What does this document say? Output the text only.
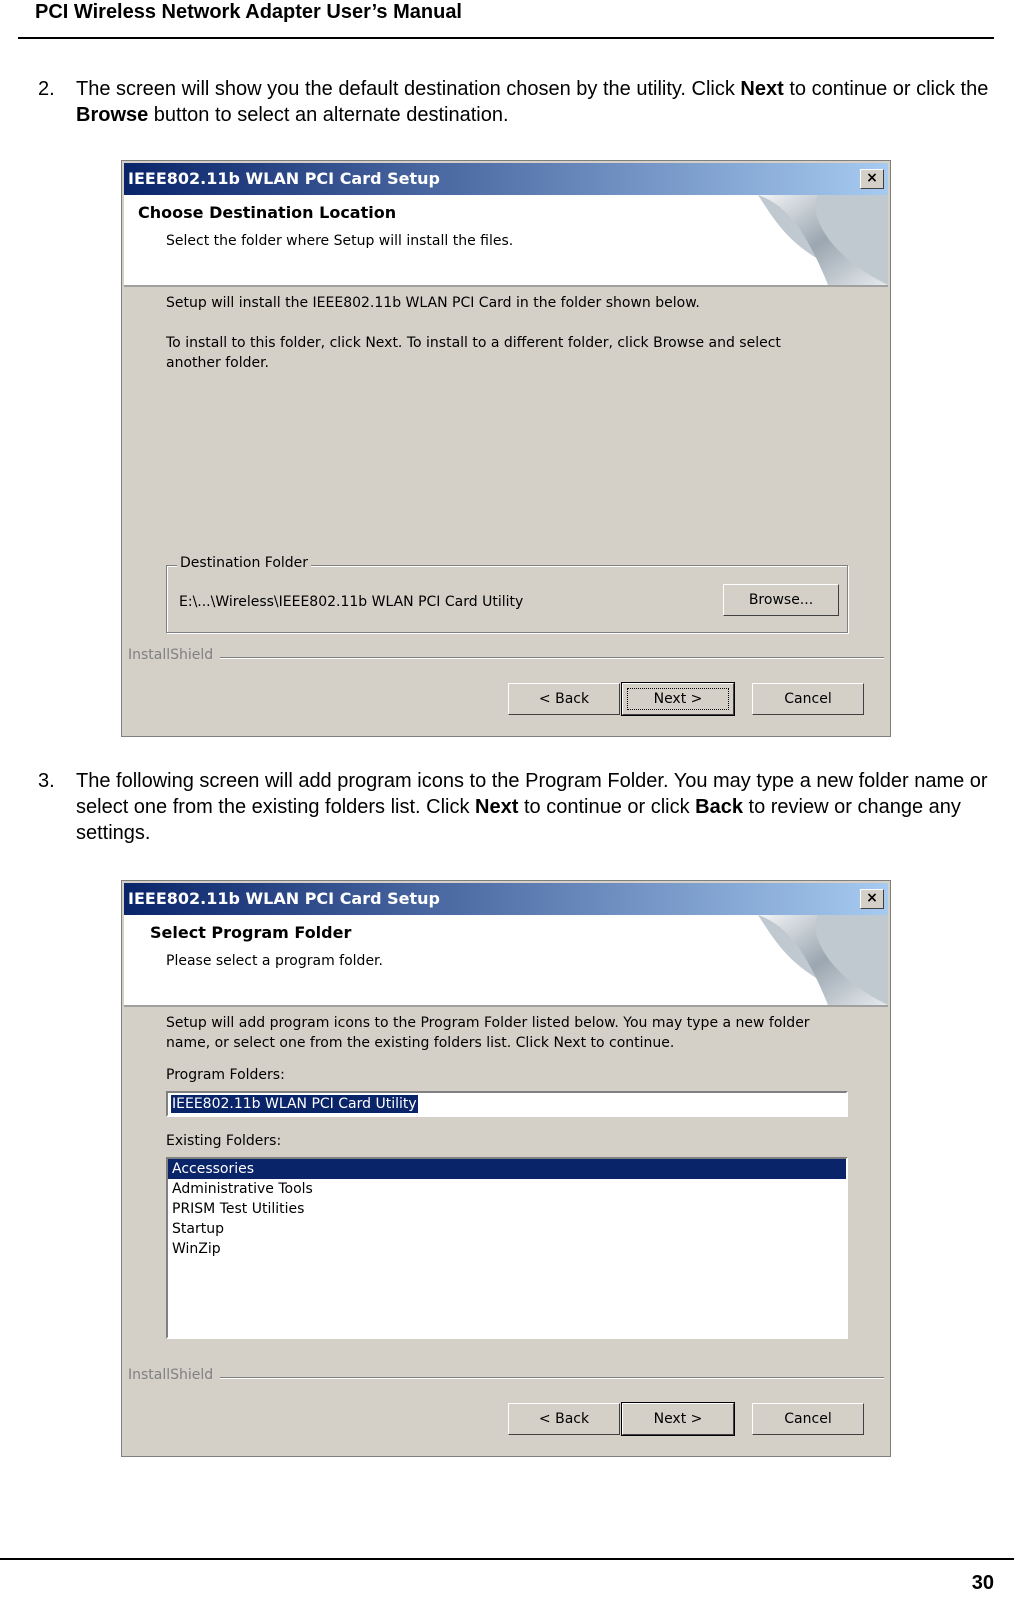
PCI Wireless Network Adapter User’s Manual
2. The screen will show you the default destination chosen by the utility. Click Next to continue or click the Browse button to select an alternate destination.
IEEE802.11b WLAN PCI Card Setup	×
Choose Destination Location
Select the folder where Setup will install the files.
Setup will install the IEEE802.11b WLAN PCI Card in the folder shown below.
To install to this folder, click Next. To install to a different folder, click Browse and select another folder.
Destination Folder
E:\...\Wireless\IEEE802.11b WLAN PCI Card Utility	Browse...
InstallShield
< Back	Next >	Cancel
3. The following screen will add program icons to the Program Folder. You may type a new folder name or select one from the existing folders list. Click Next to continue or click Back to review or change any settings.
IEEE802.11b WLAN PCI Card Setup	×
Select Program Folder
Please select a program folder.
Setup will add program icons to the Program Folder listed below. You may type a new folder name, or select one from the existing folders list. Click Next to continue.
Program Folders:
IEEE802.11b WLAN PCI Card Utility
Existing Folders:
Accessories
Administrative Tools
PRISM Test Utilities
Startup
WinZip
InstallShield
< Back	Next >	Cancel
30
